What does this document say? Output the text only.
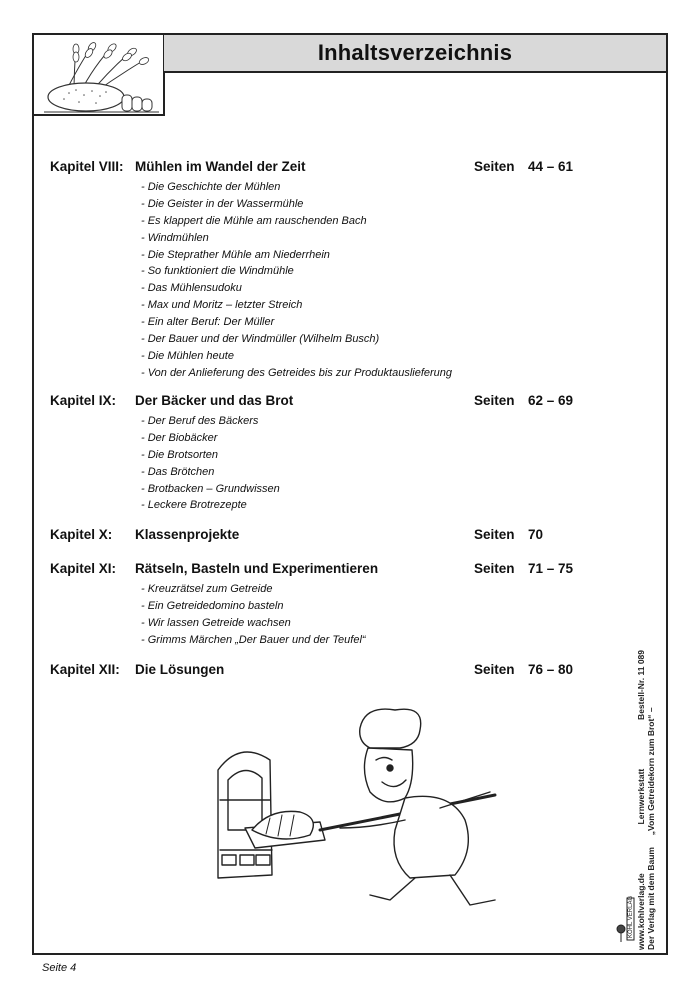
Inhaltsverzeichnis
Kapitel VIII: Mühlen im Wandel der Zeit	Seiten 44 – 61
- Die Geschichte der Mühlen
- Die Geister in der Wassermühle
- Es klappert die Mühle am rauschenden Bach
- Windmühlen
- Die Steprather Mühle am Niederrhein
- So funktioniert die Windmühle
- Das Mühlensudoku
- Max und Moritz – letzter Streich
- Ein alter Beruf: Der Müller
- Der Bauer und der Windmüller (Wilhelm Busch)
- Die Mühlen heute
- Von der Anlieferung des Getreides bis zur Produktauslieferung
Kapitel IX: Der Bäcker und das Brot	Seiten 62 – 69
- Der Beruf des Bäckers
- Der Biobäcker
- Die Brotsorten
- Das Brötchen
- Brotbacken – Grundwissen
- Leckere Brotrezepte
Kapitel X: Klassenprojekte	Seiten 70
Kapitel XI: Rätseln, Basteln und Experimentieren	Seiten 71 – 75
- Kreuzrätsel zum Getreide
- Ein Getreidedomino basteln
- Wir lassen Getreide wachsen
- Grimms Märchen „Der Bauer und der Teufel“
Kapitel XII: Die Lösungen	Seiten 76 – 80
www.kohlverlag.de
Lernwerkstatt
Bestell-Nr. 11 089
Der Verlag mit dem Baum     „Vom Getreidekorn zum Brot“ –
KOHL VERLAG
Seite 4
